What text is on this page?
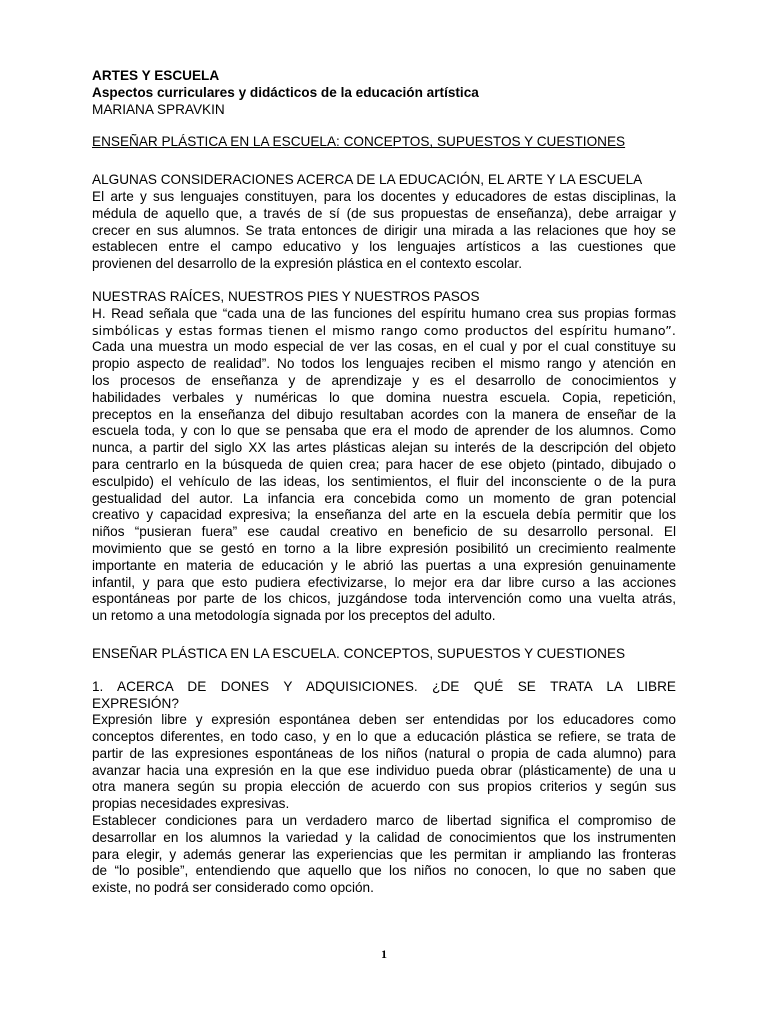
ARTES Y ESCUELA
Aspectos curriculares y didácticos de la educación artística
MARIANA SPRAVKIN
ENSEÑAR PLÁSTICA EN LA ESCUELA: CONCEPTOS, SUPUESTOS Y CUESTIONES
ALGUNAS CONSIDERACIONES ACERCA DE LA EDUCACIÓN, EL ARTE Y LA ESCUELA
El arte y sus lenguajes constituyen, para los docentes y educadores de estas disciplinas, la
médula de aquello que, a través de sí (de sus propuestas de enseñanza), debe arraigar y
crecer en sus alumnos. Se trata entonces de dirigir una mirada a las relaciones que hoy se
establecen entre el campo educativo y los lenguajes artísticos a las cuestiones que
provienen del desarrollo de la expresión plástica en el contexto escolar.
NUESTRAS RAÍCES, NUESTROS PIES Y NUESTROS PASOS
H. Read señala que “cada una de las funciones del espíritu humano crea sus propias formas
simbólicas y estas formas tienen el mismo rango como productos del espíritu humano”.
Cada una muestra un modo especial de ver las cosas, en el cual y por el cual constituye su
propio aspecto de realidad”. No todos los lenguajes reciben el mismo rango y atención en
los procesos de enseñanza y de aprendizaje y es el desarrollo de conocimientos y
habilidades verbales y numéricas lo que domina nuestra escuela. Copia, repetición,
preceptos en la enseñanza del dibujo resultaban acordes con la manera de enseñar de la
escuela toda, y con lo que se pensaba que era el modo de aprender de los alumnos. Como
nunca, a partir del siglo XX las artes plásticas alejan su interés de la descripción del objeto
para centrarlo en la búsqueda de quien crea; para hacer de ese objeto (pintado, dibujado o
esculpido) el vehículo de las ideas, los sentimientos, el fluir del inconsciente o de la pura
gestualidad del autor. La infancia era concebida como un momento de gran potencial
creativo y capacidad expresiva; la enseñanza del arte en la escuela debía permitir que los
niños “pusieran fuera” ese caudal creativo en beneficio de su desarrollo personal. El
movimiento que se gestó en torno a la libre expresión posibilitó un crecimiento realmente
importante en materia de educación y le abrió las puertas a una expresión genuinamente
infantil, y para que esto pudiera efectivizarse, lo mejor era dar libre curso a las acciones
espontáneas por parte de los chicos, juzgándose toda intervención como una vuelta atrás,
un retomo a una metodología signada por los preceptos del adulto.
ENSEÑAR PLÁSTICA EN LA ESCUELA. CONCEPTOS, SUPUESTOS Y CUESTIONES
1. ACERCA DE DONES Y ADQUISICIONES. ¿DE QUÉ SE TRATA LA LIBRE
EXPRESIÓN?
Expresión libre y expresión espontánea deben ser entendidas por los educadores como
conceptos diferentes, en todo caso, y en lo que a educación plástica se refiere, se trata de
partir de las expresiones espontáneas de los niños (natural o propia de cada alumno) para
avanzar hacia una expresión en la que ese individuo pueda obrar (plásticamente) de una u
otra manera según su propia elección de acuerdo con sus propios criterios y según sus
propias necesidades expresivas.
Establecer condiciones para un verdadero marco de libertad significa el compromiso de
desarrollar en los alumnos la variedad y la calidad de conocimientos que los instrumenten
para elegir, y además generar las experiencias que les permitan ir ampliando las fronteras
de “lo posible”, entendiendo que aquello que los niños no conocen, lo que no saben que
existe, no podrá ser considerado como opción.
1
